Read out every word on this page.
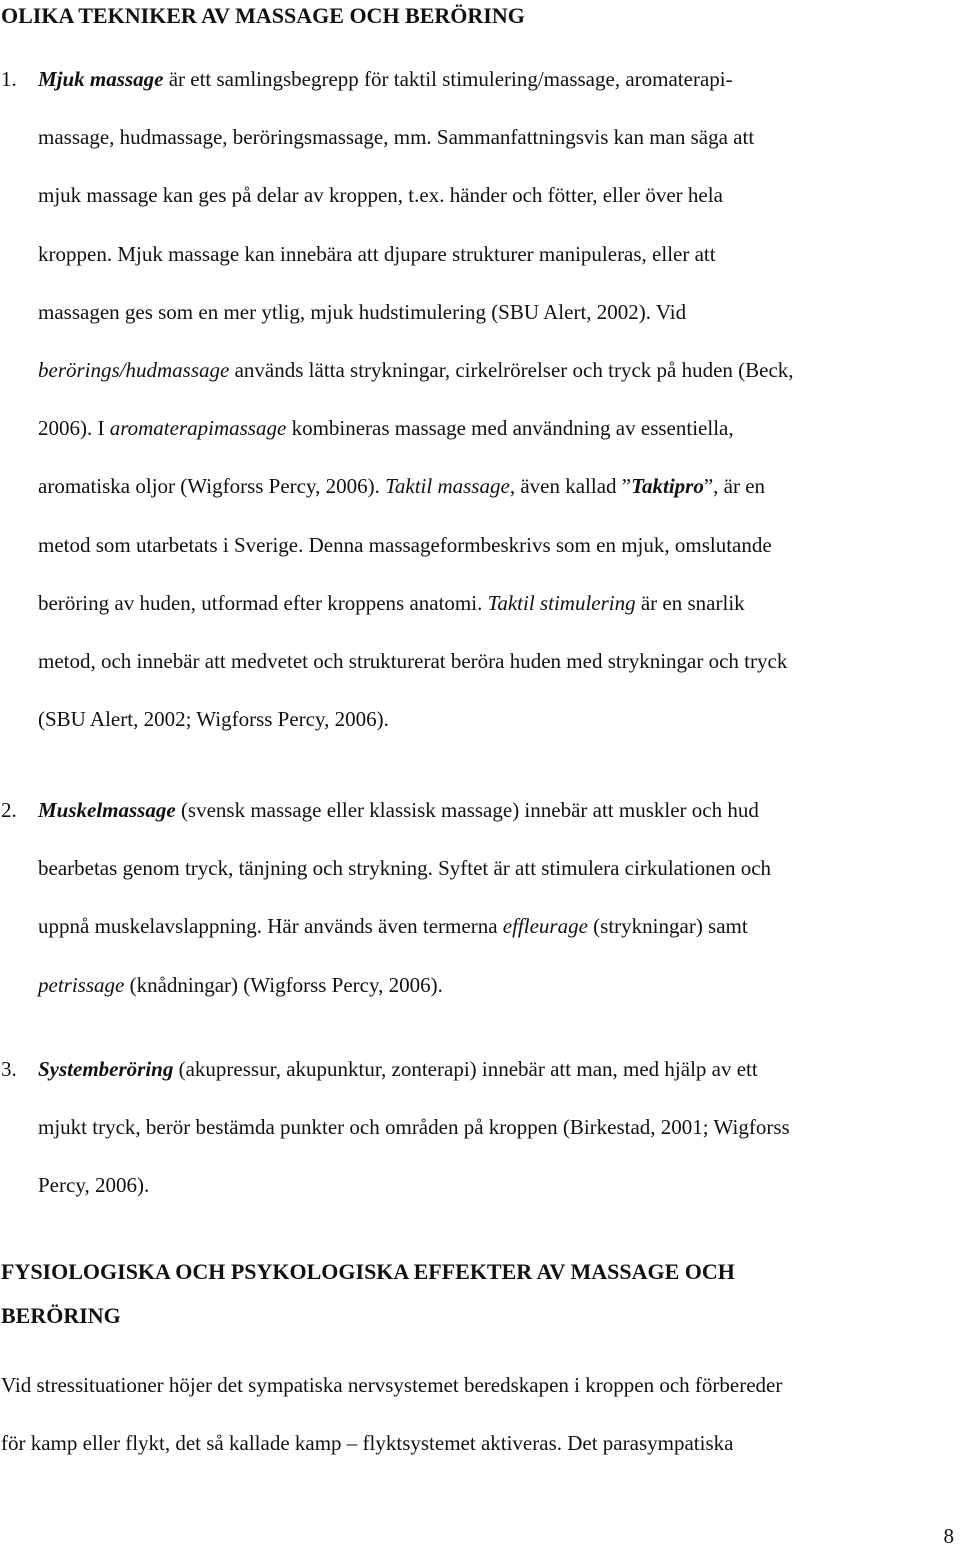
OLIKA TEKNIKER AV MASSAGE OCH BERÖRING
1. Mjuk massage är ett samlingsbegrepp för taktil stimulering/massage, aromaterapi-
massage, hudmassage, beröringsmassage, mm. Sammanfattningsvis kan man säga att
mjuk massage kan ges på delar av kroppen, t.ex. händer och fötter, eller över hela
kroppen. Mjuk massage kan innebära att djupare strukturer manipuleras, eller att
massagen ges som en mer ytlig, mjuk hudstimulering (SBU Alert, 2002). Vid
berörings/hudmassage används lätta strykningar, cirkelrörelser och tryck på huden (Beck,
2006). I aromaterapimassage kombineras massage med användning av essentiella,
aromatiska oljor (Wigforss Percy, 2006). Taktil massage, även kallad ”Taktipro”, är en
metod som utarbetats i Sverige. Denna massageformbeskrivs som en mjuk, omslutande
beröring av huden, utformad efter kroppens anatomi. Taktil stimulering är en snarlik
metod, och innebär att medvetet och strukturerat beröra huden med strykningar och tryck
(SBU Alert, 2002; Wigforss Percy, 2006).
2. Muskelmassage (svensk massage eller klassisk massage) innebär att muskler och hud
bearbetas genom tryck, tänjning och strykning. Syftet är att stimulera cirkulationen och
uppnå muskelavslappning. Här används även termerna effleurage (strykningar) samt
petrissage (knådningar) (Wigforss Percy, 2006).
3. Systemberöring (akupressur, akupunktur, zonterapi) innebär att man, med hjälp av ett
mjukt tryck, berör bestämda punkter och områden på kroppen (Birkestad, 2001; Wigforss
Percy, 2006).
FYSIOLOGISKA OCH PSYKOLOGISKA EFFEKTER AV MASSAGE OCH
BERÖRING
Vid stressituationer höjer det sympatiska nervsystemet beredskapen i kroppen och förbereder
för kamp eller flykt, det så kallade kamp – flyktsystemet aktiveras. Det parasympatiska
8
